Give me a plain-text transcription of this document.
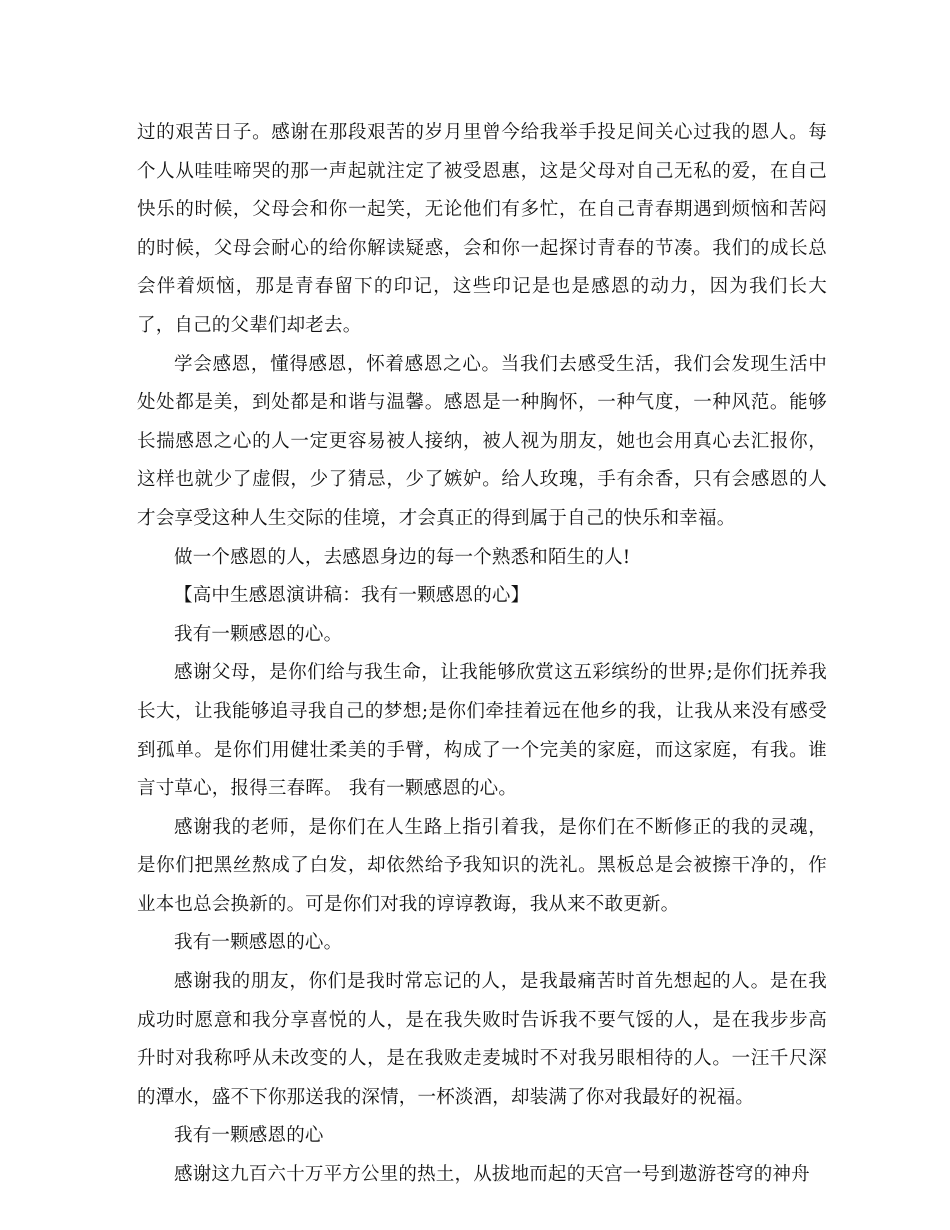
过的艰苦日子。感谢在那段艰苦的岁月里曾今给我举手投足间关心过我的恩人。每个人从哇哇啼哭的那一声起就注定了被受恩惠，这是父母对自己无私的爱，在自己快乐的时候，父母会和你一起笑，无论他们有多忙，在自己青春期遇到烦恼和苦闷的时候，父母会耐心的给你解读疑惑，会和你一起探讨青春的节凑。我们的成长总会伴着烦恼，那是青春留下的印记，这些印记是也是感恩的动力，因为我们长大了，自己的父辈们却老去。

学会感恩，懂得感恩，怀着感恩之心。当我们去感受生活，我们会发现生活中处处都是美，到处都是和谐与温馨。感恩是一种胸怀，一种气度，一种风范。能够长揣感恩之心的人一定更容易被人接纳，被人视为朋友，她也会用真心去汇报你，这样也就少了虚假，少了猜忌，少了嫉妒。给人玫瑰，手有余香，只有会感恩的人才会享受这种人生交际的佳境，才会真正的得到属于自己的快乐和幸福。

做一个感恩的人，去感恩身边的每一个熟悉和陌生的人!

【高中生感恩演讲稿：我有一颗感恩的心】

我有一颗感恩的心。

感谢父母，是你们给与我生命，让我能够欣赏这五彩缤纷的世界;是你们抚养我长大，让我能够追寻我自己的梦想;是你们牵挂着远在他乡的我，让我从来没有感受到孤单。是你们用健壮柔美的手臂，构成了一个完美的家庭，而这家庭，有我。谁言寸草心，报得三春晖。 我有一颗感恩的心。

感谢我的老师，是你们在人生路上指引着我，是你们在不断修正的我的灵魂，是你们把黑丝熬成了白发，却依然给予我知识的洗礼。黑板总是会被擦干净的，作业本也总会换新的。可是你们对我的谆谆教诲，我从来不敢更新。

我有一颗感恩的心。

感谢我的朋友，你们是我时常忘记的人，是我最痛苦时首先想起的人。是在我成功时愿意和我分享喜悦的人，是在我失败时告诉我不要气馁的人，是在我步步高升时对我称呼从未改变的人，是在我败走麦城时不对我另眼相待的人。一汪千尺深的潭水，盛不下你那送我的深情，一杯淡酒，却装满了你对我最好的祝福。

我有一颗感恩的心

感谢这九百六十万平方公里的热土，从拔地而起的天宫一号到遨游苍穹的神舟
